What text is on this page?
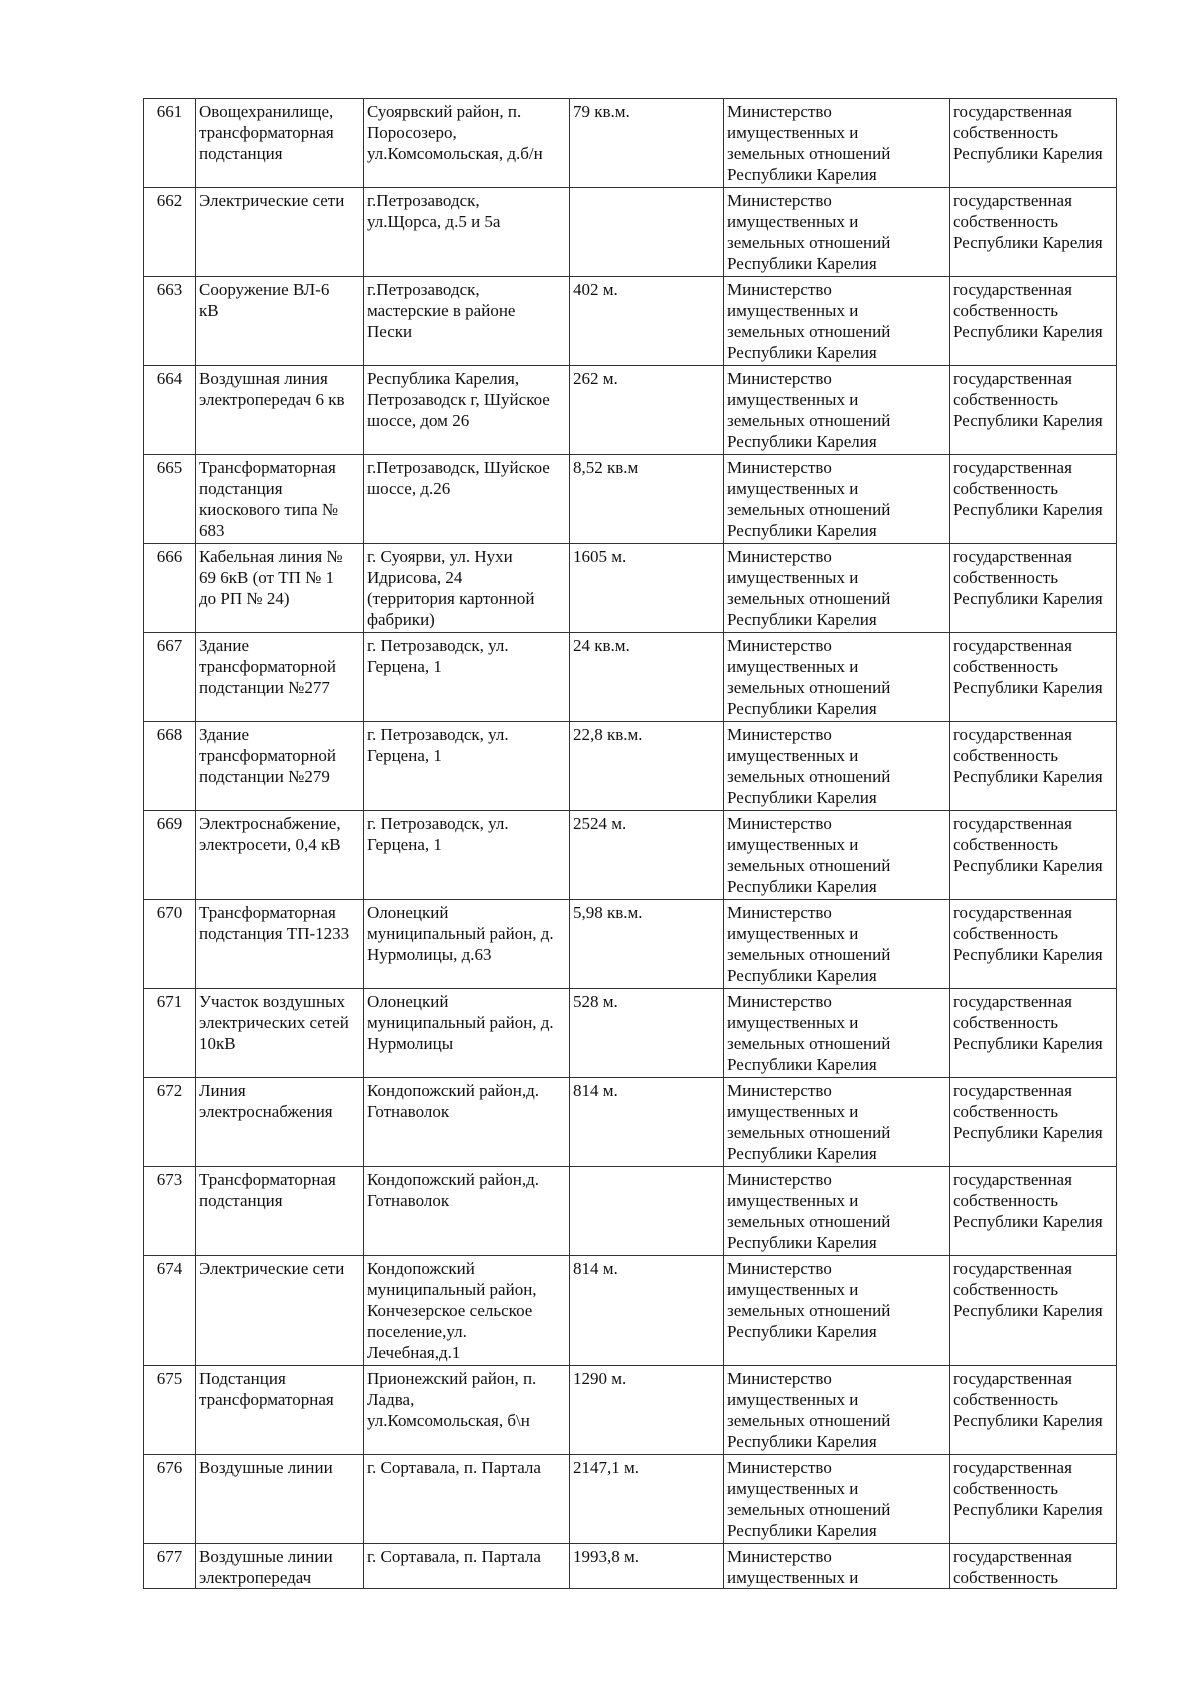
661	Овощехранилище,
трансформаторная
подстанция	Суоярвский район, п.
Поросозеро,
ул.Комсомольская, д.б/н	79 кв.м.	Министерство
имущественных и
земельных отношений
Республики Карелия	государственная
собственность
Республики Карелия
662	Электрические сети	г.Петрозаводск,
ул.Щорса, д.5 и 5а		Министерство
имущественных и
земельных отношений
Республики Карелия	государственная
собственность
Республики Карелия
663	Сооружение ВЛ-6
кВ	г.Петрозаводск,
мастерские в районе
Пески	402 м.	Министерство
имущественных и
земельных отношений
Республики Карелия	государственная
собственность
Республики Карелия
664	Воздушная линия
электропередач 6 кв	Республика Карелия,
Петрозаводск г, Шуйское
шоссе, дом 26	262 м.	Министерство
имущественных и
земельных отношений
Республики Карелия	государственная
собственность
Республики Карелия
665	Трансформаторная
подстанция
киоскового типа №
683	г.Петрозаводск, Шуйское
шоссе, д.26	8,52 кв.м	Министерство
имущественных и
земельных отношений
Республики Карелия	государственная
собственность
Республики Карелия
666	Кабельная линия №
69 6кВ (от ТП № 1
до РП № 24)	г. Суоярви, ул. Нухи
Идрисова, 24
(территория картонной
фабрики)	1605 м.	Министерство
имущественных и
земельных отношений
Республики Карелия	государственная
собственность
Республики Карелия
667	Здание
трансформаторной
подстанции №277	г. Петрозаводск, ул.
Герцена, 1	24 кв.м.	Министерство
имущественных и
земельных отношений
Республики Карелия	государственная
собственность
Республики Карелия
668	Здание
трансформаторной
подстанции №279	г. Петрозаводск, ул.
Герцена, 1	22,8 кв.м.	Министерство
имущественных и
земельных отношений
Республики Карелия	государственная
собственность
Республики Карелия
669	Электроснабжение,
электросети, 0,4 кВ	г. Петрозаводск, ул.
Герцена, 1	2524 м.	Министерство
имущественных и
земельных отношений
Республики Карелия	государственная
собственность
Республики Карелия
670	Трансформаторная
подстанция ТП-1233	Олонецкий
муниципальный район, д.
Нурмолицы, д.63	5,98 кв.м.	Министерство
имущественных и
земельных отношений
Республики Карелия	государственная
собственность
Республики Карелия
671	Участок воздушных
электрических сетей
10кВ	Олонецкий
муниципальный район, д.
Нурмолицы	528 м.	Министерство
имущественных и
земельных отношений
Республики Карелия	государственная
собственность
Республики Карелия
672	Линия
электроснабжения	Кондопожский район,д.
Готнаволок	814 м.	Министерство
имущественных и
земельных отношений
Республики Карелия	государственная
собственность
Республики Карелия
673	Трансформаторная
подстанция	Кондопожский район,д.
Готнаволок		Министерство
имущественных и
земельных отношений
Республики Карелия	государственная
собственность
Республики Карелия
674	Электрические сети	Кондопожский
муниципальный район,
Кончезерское сельское
поселение,ул.
Лечебная,д.1	814 м.	Министерство
имущественных и
земельных отношений
Республики Карелия	государственная
собственность
Республики Карелия
675	Подстанция
трансформаторная	Прионежский район, п.
Ладва,
ул.Комсомольская, б\н	1290 м.	Министерство
имущественных и
земельных отношений
Республики Карелия	государственная
собственность
Республики Карелия
676	Воздушные линии	г. Сортавала, п. Партала	2147,1 м.	Министерство
имущественных и
земельных отношений
Республики Карелия	государственная
собственность
Республики Карелия
677	Воздушные линии
электропередач	г. Сортавала, п. Партала	1993,8 м.	Министерство
имущественных и	государственная
собственность
